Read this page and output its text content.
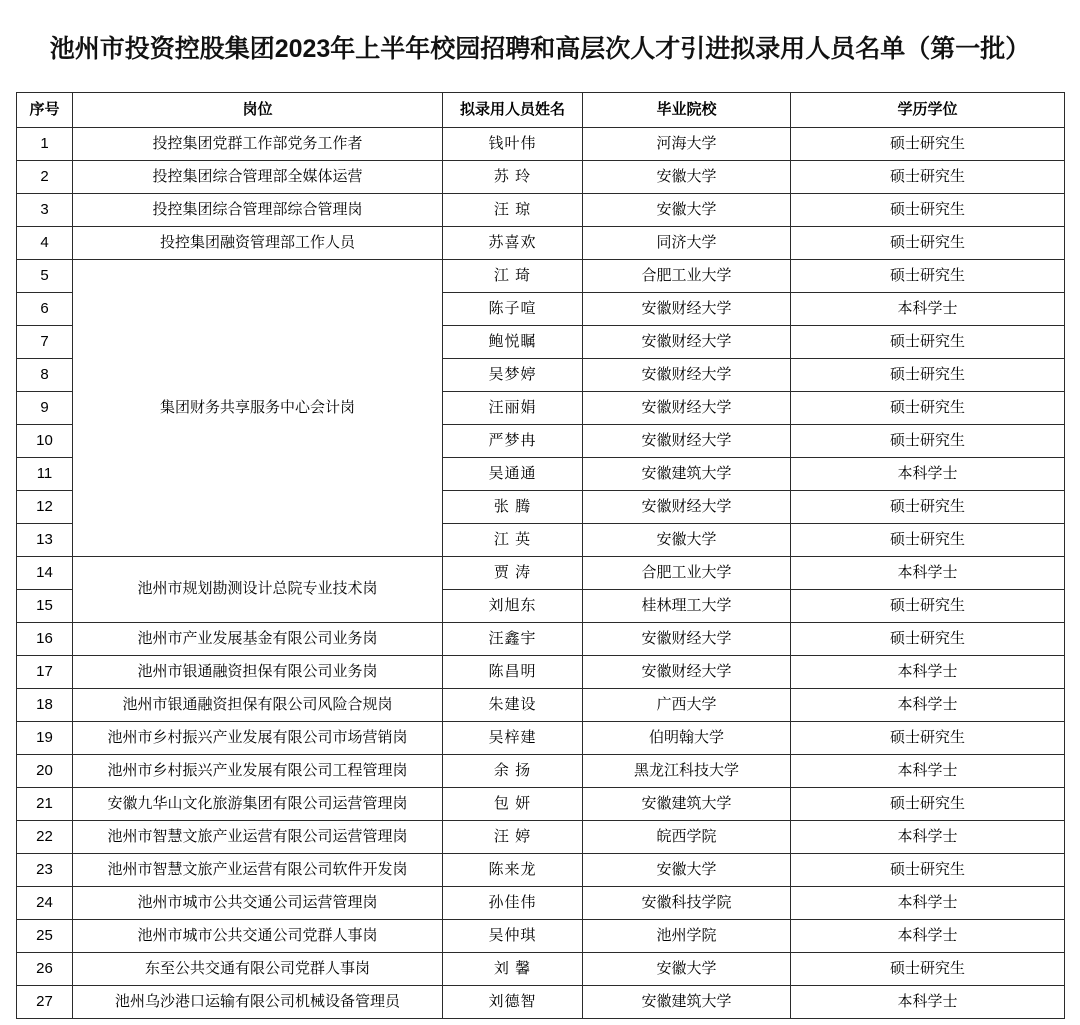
池州市投资控股集团2023年上半年校园招聘和高层次人才引进拟录用人员名单（第一批）
序号	岗位	拟录用人员姓名	毕业院校	学历学位
1	投控集团党群工作部党务工作者	钱叶伟	河海大学	硕士研究生
2	投控集团综合管理部全媒体运营	苏 玲	安徽大学	硕士研究生
3	投控集团综合管理部综合管理岗	汪 琼	安徽大学	硕士研究生
4	投控集团融资管理部工作人员	苏喜欢	同济大学	硕士研究生
5	集团财务共享服务中心会计岗	江 琦	合肥工业大学	硕士研究生
6		陈子喧	安徽财经大学	本科学士
7		鲍悦瞩	安徽财经大学	硕士研究生
8		吴梦婷	安徽财经大学	硕士研究生
9		汪丽娟	安徽财经大学	硕士研究生
10		严梦冉	安徽财经大学	硕士研究生
11		吴通通	安徽建筑大学	本科学士
12		张 腾	安徽财经大学	硕士研究生
13		江 英	安徽大学	硕士研究生
14	池州市规划勘测设计总院专业技术岗	贾 涛	合肥工业大学	本科学士
15		刘旭东	桂林理工大学	硕士研究生
16	池州市产业发展基金有限公司业务岗	汪鑫宇	安徽财经大学	硕士研究生
17	池州市银通融资担保有限公司业务岗	陈昌明	安徽财经大学	本科学士
18	池州市银通融资担保有限公司风险合规岗	朱建设	广西大学	本科学士
19	池州市乡村振兴产业发展有限公司市场营销岗	吴梓建	伯明翰大学	硕士研究生
20	池州市乡村振兴产业发展有限公司工程管理岗	余 扬	黑龙江科技大学	本科学士
21	安徽九华山文化旅游集团有限公司运营管理岗	包 妍	安徽建筑大学	硕士研究生
22	池州市智慧文旅产业运营有限公司运营管理岗	汪 婷	皖西学院	本科学士
23	池州市智慧文旅产业运营有限公司软件开发岗	陈来龙	安徽大学	硕士研究生
24	池州市城市公共交通公司运营管理岗	孙佳伟	安徽科技学院	本科学士
25	池州市城市公共交通公司党群人事岗	吴仲琪	池州学院	本科学士
26	东至公共交通有限公司党群人事岗	刘 馨	安徽大学	硕士研究生
27	池州乌沙港口运输有限公司机械设备管理员	刘德智	安徽建筑大学	本科学士
